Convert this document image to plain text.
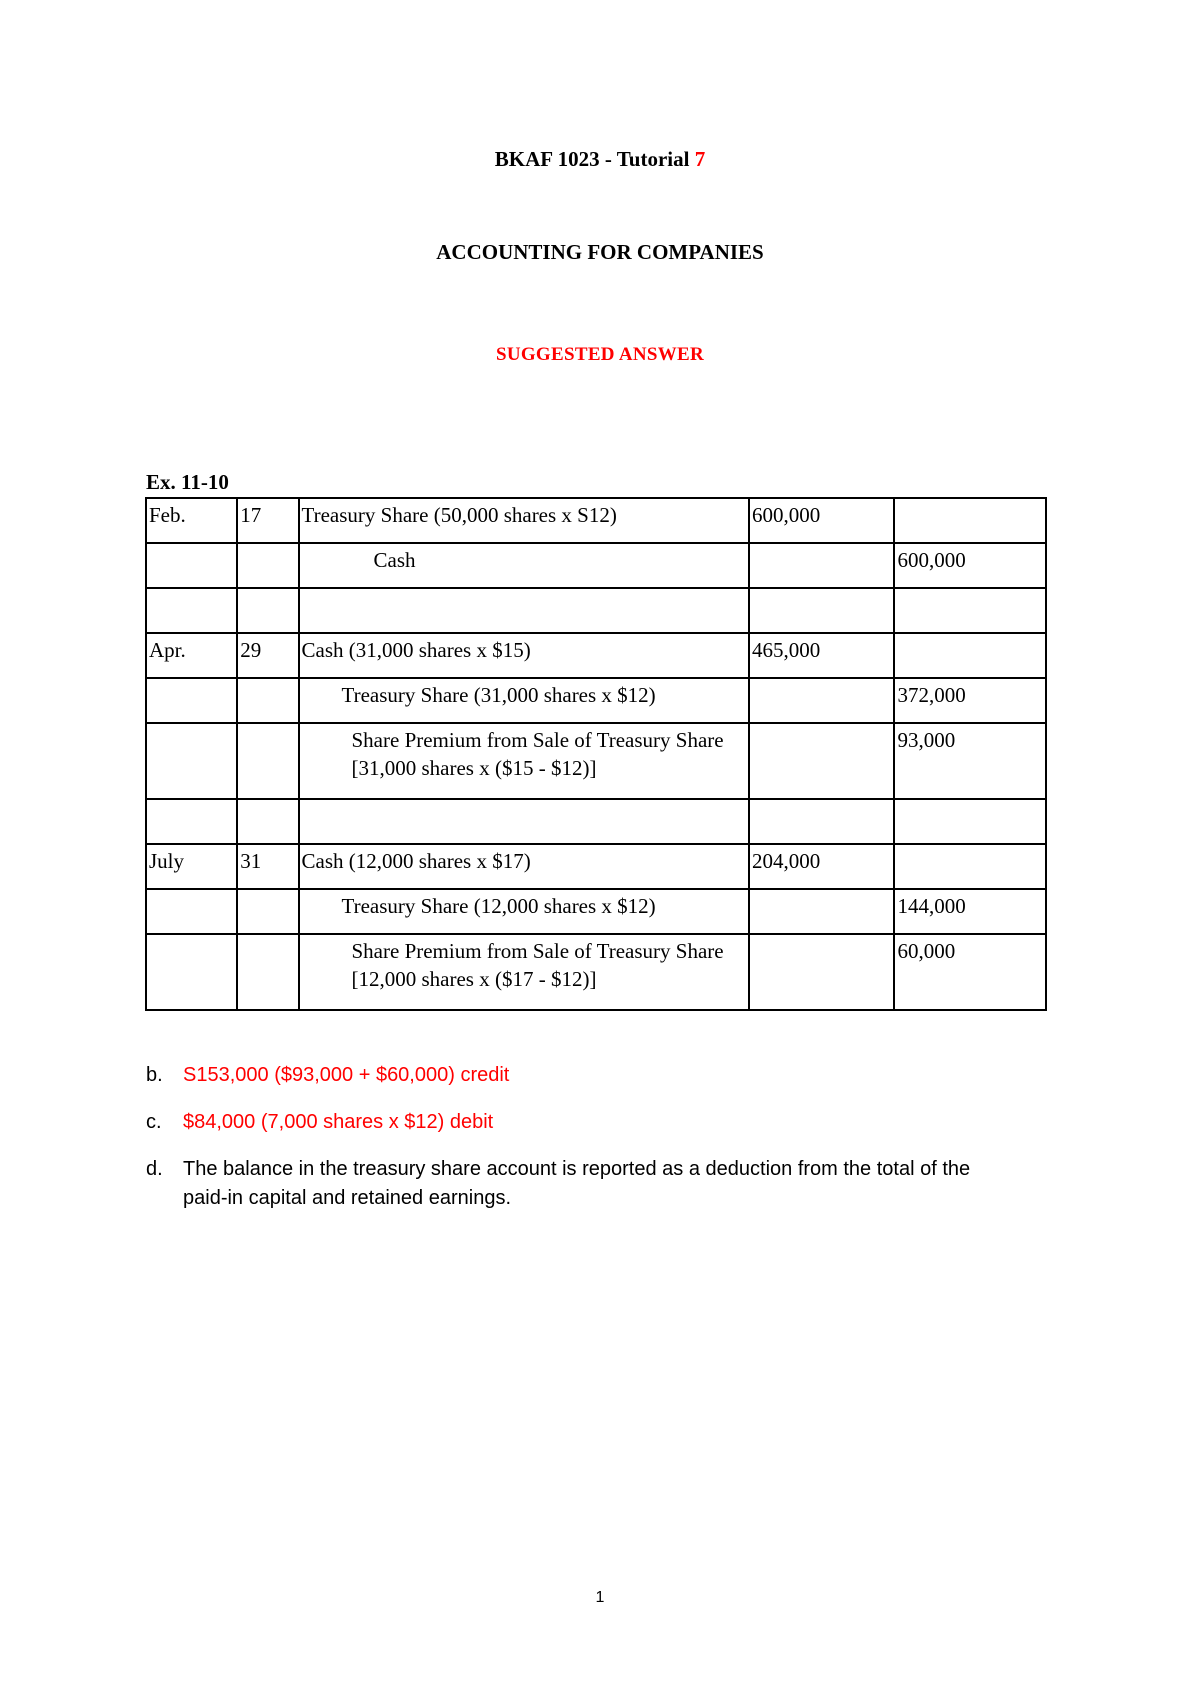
BKAF 1023 - Tutorial 7
ACCOUNTING FOR COMPANIES
SUGGESTED ANSWER
Ex. 11-10
Feb.	17	Treasury Share (50,000 shares x S12)	600,000	
		Cash		600,000

Apr.	29	Cash (31,000 shares x $15)	465,000	
		Treasury Share (31,000 shares x $12)		372,000
		Share Premium from Sale of Treasury Share [31,000 shares x ($15 - $12)]		93,000

July	31	Cash (12,000 shares x $17)	204,000	
		Treasury Share (12,000 shares x $12)		144,000
		Share Premium from Sale of Treasury Share [12,000 shares x ($17 - $12)]		60,000
b. S153,000 ($93,000 + $60,000) credit
c. $84,000 (7,000 shares x $12) debit
d. The balance in the treasury share account is reported as a deduction from the total of the paid-in capital and retained earnings.
1
